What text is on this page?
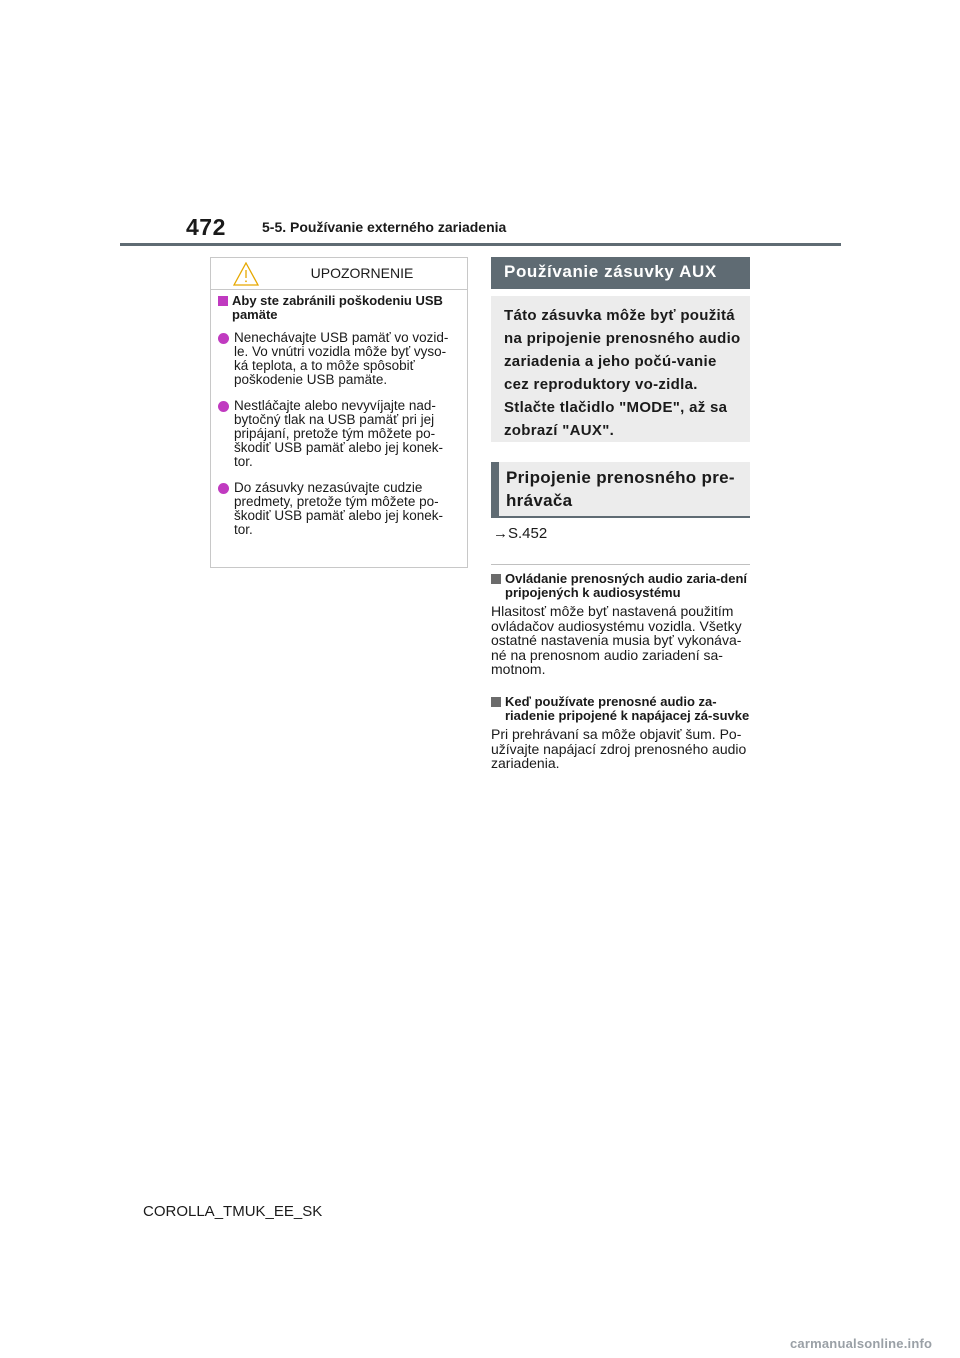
472	5-5. Používanie externého zariadenia
UPOZORNENIE
Aby ste zabránili poškodeniu USB pamäte
Nenechávajte USB pamäť vo vozid-le. Vo vnútri vozidla môže byť vyso-ká teplota, a to môže spôsobiť poškodenie USB pamäte.
Nestláčajte alebo nevyvíjajte nad-bytočný tlak na USB pamäť pri jej pripájaní, pretože tým môžete po-škodiť USB pamäť alebo jej konek-tor.
Do zásuvky nezasúvajte cudzie predmety, pretože tým môžete po-škodiť USB pamäť alebo jej konek-tor.
Používanie zásuvky AUX
Táto zásuvka môže byť použitá na pripojenie prenosného audio zariadenia a jeho počú-vanie cez reproduktory vo-zidla. Stlačte tlačidlo "MODE", až sa zobrazí "AUX".
Pripojenie prenosného pre-hrávača
→S.452
Ovládanie prenosných audio zaria-dení pripojených k audiosystému
Hlasitosť môže byť nastavená použitím ovládačov audiosystému vozidla. Všetky ostatné nastavenia musia byť vykonáva-né na prenosnom audio zariadení sa-motnom.
Keď používate prenosné audio za-riadenie pripojené k napájacej zá-suvke
Pri prehrávaní sa môže objaviť šum. Po-užívajte napájací zdroj prenosného audio zariadenia.
COROLLA_TMUK_EE_SK
carmanualsonline.info
